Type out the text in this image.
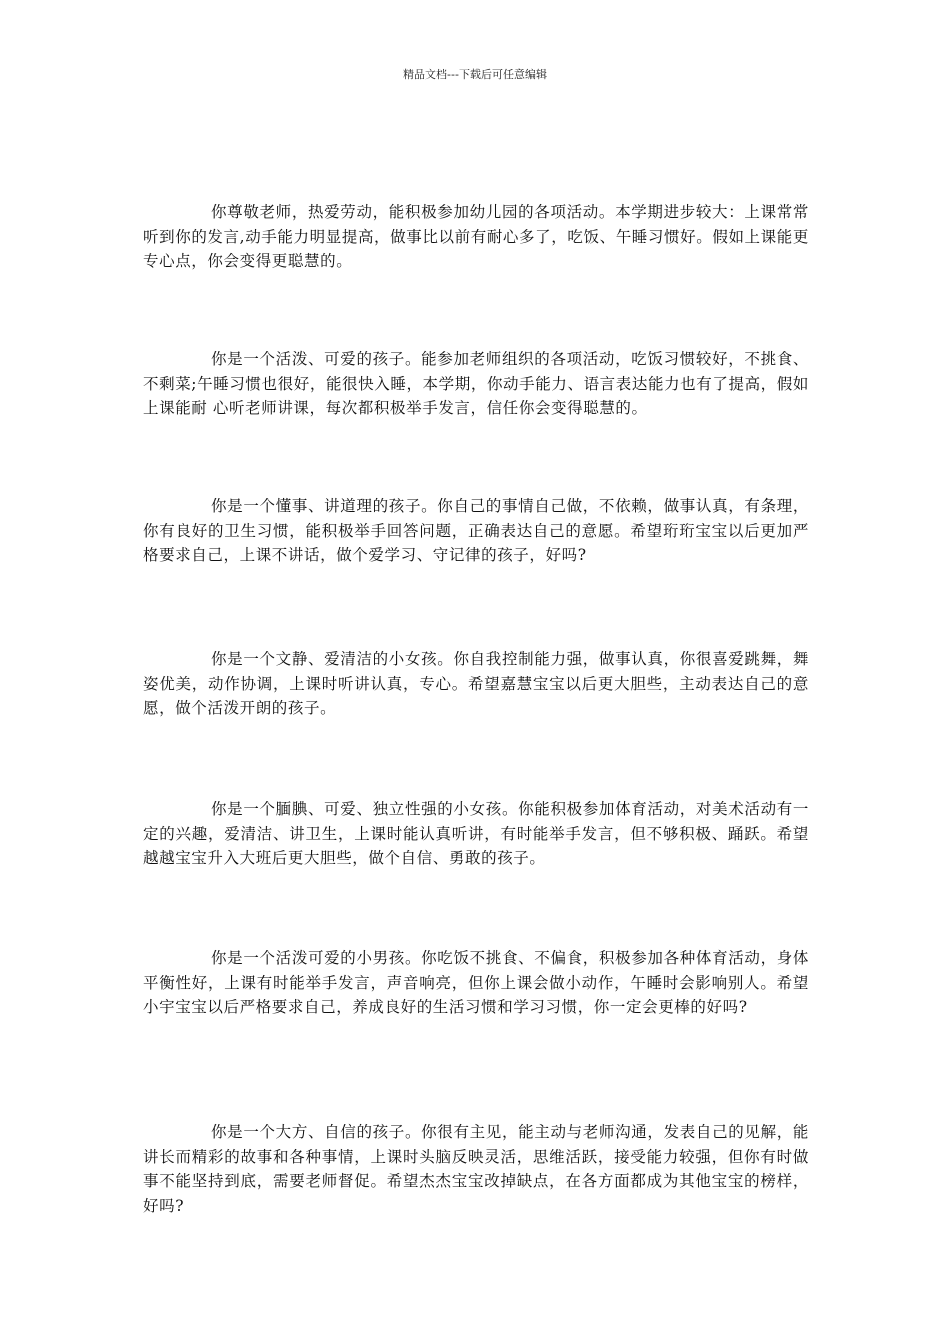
精品文档---下载后可任意编辑

你尊敬老师，热爱劳动，能积极参加幼儿园的各项活动。本学期进步较大：上课常常听到你的发言,动手能力明显提高，做事比以前有耐心多了，吃饭、午睡习惯好。假如上课能更专心点，你会变得更聪慧的。

你是一个活泼、可爱的孩子。能参加老师组织的各项活动，吃饭习惯较好，不挑食、不剩菜;午睡习惯也很好，能很快入睡，本学期，你动手能力、语言表达能力也有了提高，假如上课能耐 心听老师讲课，每次都积极举手发言，信任你会变得聪慧的。

你是一个懂事、讲道理的孩子。你自己的事情自己做，不依赖，做事认真，有条理，你有良好的卫生习惯，能积极举手回答问题，正确表达自己的意愿。希望珩珩宝宝以后更加严格要求自己，上课不讲话，做个爱学习、守记律的孩子，好吗?

你是一个文静、爱清洁的小女孩。你自我控制能力强，做事认真，你很喜爱跳舞，舞姿优美，动作协调，上课时听讲认真，专心。希望嘉慧宝宝以后更大胆些，主动表达自己的意愿，做个活泼开朗的孩子。

你是一个腼腆、可爱、独立性强的小女孩。你能积极参加体育活动，对美术活动有一定的兴趣，爱清洁、讲卫生，上课时能认真听讲，有时能举手发言，但不够积极、踊跃。希望越越宝宝升入大班后更大胆些，做个自信、勇敢的孩子。

你是一个活泼可爱的小男孩。你吃饭不挑食、不偏食，积极参加各种体育活动，身体平衡性好，上课有时能举手发言，声音响亮，但你上课会做小动作，午睡时会影响别人。希望小宇宝宝以后严格要求自己，养成良好的生活习惯和学习习惯，你一定会更棒的好吗?

你是一个大方、自信的孩子。你很有主见，能主动与老师沟通，发表自己的见解，能讲长而精彩的故事和各种事情，上课时头脑反映灵活，思维活跃，接受能力较强，但你有时做事不能坚持到底，需要老师督促。希望杰杰宝宝改掉缺点，在各方面都成为其他宝宝的榜样，好吗?
